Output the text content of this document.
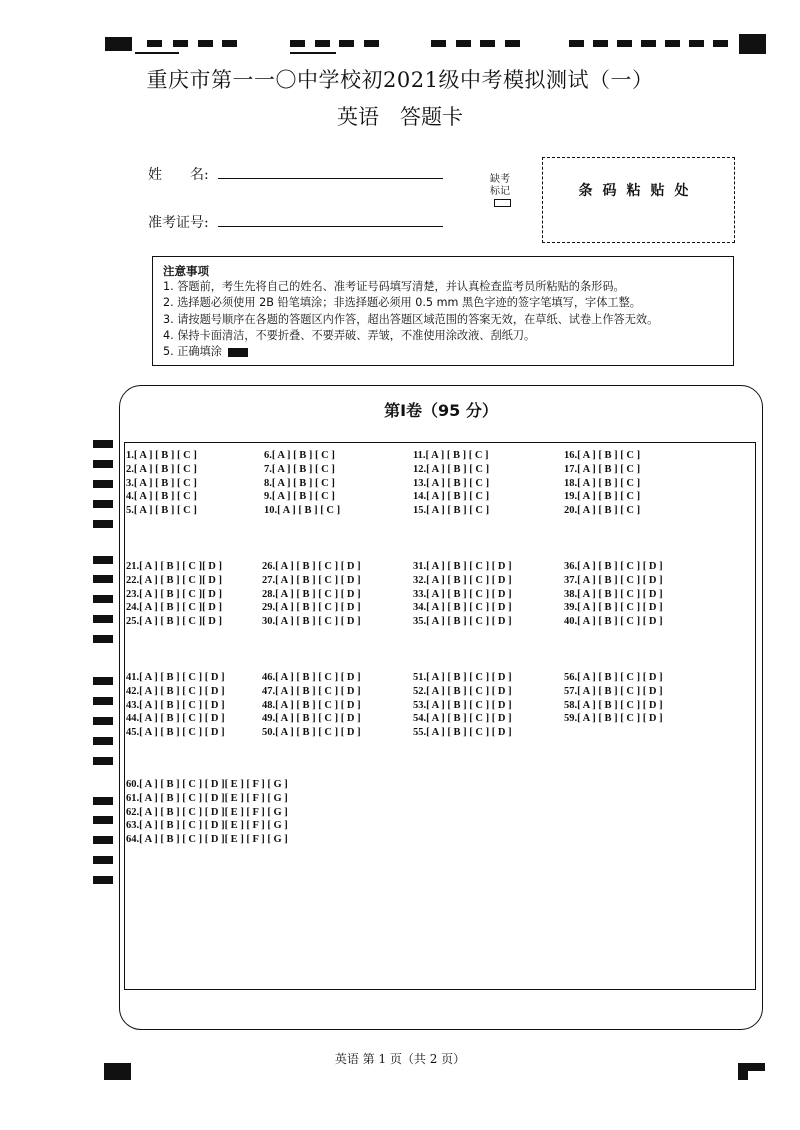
重庆市第一一〇中学校初2021级中考模拟测试（一）
英语　答题卡
姓　　名:
准考证号:
缺考标记	条码粘贴处
注意事项
1. 答题前，考生先将自己的姓名、准考证号码填写清楚，并认真检查监考员所粘贴的条形码。
2. 选择题必须使用 2B 铅笔填涂；非选择题必须用 0.5 mm 黑色字迹的签字笔填写，字体工整。
3. 请按题号顺序在各题的答题区内作答，超出答题区域范围的答案无效，在草纸、试卷上作答无效。
4. 保持卡面清洁，不要折叠、不要弄破、弄皱，不准使用涂改液、刮纸刀。
5. 正确填涂
第Ⅰ卷（95 分）
1.[ A ] [ B ] [ C ]
2.[ A ] [ B ] [ C ]
3.[ A ] [ B ] [ C ]
4.[ A ] [ B ] [ C ]
5.[ A ] [ B ] [ C ]
6.[ A ] [ B ] [ C ]
7.[ A ] [ B ] [ C ]
8.[ A ] [ B ] [ C ]
9.[ A ] [ B ] [ C ]
10.[ A ] [ B ] [ C ]
11.[ A ] [ B ] [ C ]
12.[ A ] [ B ] [ C ]
13.[ A ] [ B ] [ C ]
14.[ A ] [ B ] [ C ]
15.[ A ] [ B ] [ C ]
16.[ A ] [ B ] [ C ]
17.[ A ] [ B ] [ C ]
18.[ A ] [ B ] [ C ]
19.[ A ] [ B ] [ C ]
20.[ A ] [ B ] [ C ]
21.[ A ] [ B ] [ C ][ D ]
22.[ A ] [ B ] [ C ][ D ]
23.[ A ] [ B ] [ C ][ D ]
24.[ A ] [ B ] [ C ][ D ]
25.[ A ] [ B ] [ C ][ D ]
26.[ A ] [ B ] [ C ] [ D ]
27.[ A ] [ B ] [ C ] [ D ]
28.[ A ] [ B ] [ C ] [ D ]
29.[ A ] [ B ] [ C ] [ D ]
30.[ A ] [ B ] [ C ] [ D ]
31.[ A ] [ B ] [ C ] [ D ]
32.[ A ] [ B ] [ C ] [ D ]
33.[ A ] [ B ] [ C ] [ D ]
34.[ A ] [ B ] [ C ] [ D ]
35.[ A ] [ B ] [ C ] [ D ]
36.[ A ] [ B ] [ C ] [ D ]
37.[ A ] [ B ] [ C ] [ D ]
38.[ A ] [ B ] [ C ] [ D ]
39.[ A ] [ B ] [ C ] [ D ]
40.[ A ] [ B ] [ C ] [ D ]
41.[ A ] [ B ] [ C ] [ D ]
42.[ A ] [ B ] [ C ] [ D ]
43.[ A ] [ B ] [ C ] [ D ]
44.[ A ] [ B ] [ C ] [ D ]
45.[ A ] [ B ] [ C ] [ D ]
46.[ A ] [ B ] [ C ] [ D ]
47.[ A ] [ B ] [ C ] [ D ]
48.[ A ] [ B ] [ C ] [ D ]
49.[ A ] [ B ] [ C ] [ D ]
50.[ A ] [ B ] [ C ] [ D ]
51.[ A ] [ B ] [ C ] [ D ]
52.[ A ] [ B ] [ C ] [ D ]
53.[ A ] [ B ] [ C ] [ D ]
54.[ A ] [ B ] [ C ] [ D ]
55.[ A ] [ B ] [ C ] [ D ]
56.[ A ] [ B ] [ C ] [ D ]
57.[ A ] [ B ] [ C ] [ D ]
58.[ A ] [ B ] [ C ] [ D ]
59.[ A ] [ B ] [ C ] [ D ]
60.[ A ] [ B ] [ C ] [ D ][ E ] [ F ] [ G ]
61.[ A ] [ B ] [ C ] [ D ][ E ] [ F ] [ G ]
62.[ A ] [ B ] [ C ] [ D ][ E ] [ F ] [ G ]
63.[ A ] [ B ] [ C ] [ D ][ E ] [ F ] [ G ]
64.[ A ] [ B ] [ C ] [ D ][ E ] [ F ] [ G ]
英语 第 1 页（共 2 页）
